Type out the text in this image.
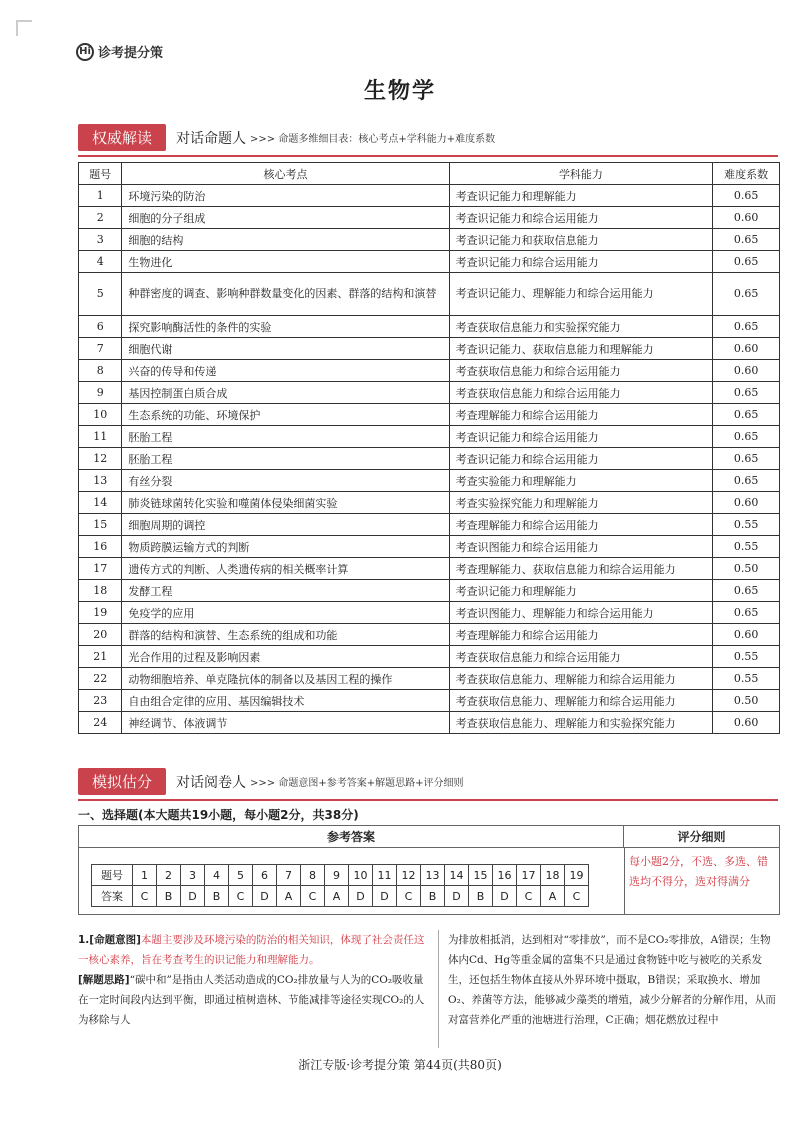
Hi 诊考提分策
生物学
权威解读	对话命题人 >>> 命题多维细目表：核心考点+学科能力+难度系数
题号	核心考点	学科能力	难度系数
1	环境污染的防治	考查识记能力和理解能力	0.65
2	细胞的分子组成	考查识记能力和综合运用能力	0.60
3	细胞的结构	考查识记能力和获取信息能力	0.65
4	生物进化	考查识记能力和综合运用能力	0.65
5	种群密度的调查、影响种群数量变化的因素、群落的结构和演替	考查识记能力、理解能力和综合运用能力	0.65
6	探究影响酶活性的条件的实验	考查获取信息能力和实验探究能力	0.65
7	细胞代谢	考查识记能力、获取信息能力和理解能力	0.60
8	兴奋的传导和传递	考查获取信息能力和综合运用能力	0.60
9	基因控制蛋白质合成	考查获取信息能力和综合运用能力	0.65
10	生态系统的功能、环境保护	考查理解能力和综合运用能力	0.65
11	胚胎工程	考查识记能力和综合运用能力	0.65
12	胚胎工程	考查识记能力和综合运用能力	0.65
13	有丝分裂	考查实验能力和理解能力	0.65
14	肺炎链球菌转化实验和噬菌体侵染细菌实验	考查实验探究能力和理解能力	0.60
15	细胞周期的调控	考查理解能力和综合运用能力	0.55
16	物质跨膜运输方式的判断	考查识图能力和综合运用能力	0.55
17	遗传方式的判断、人类遗传病的相关概率计算	考查理解能力、获取信息能力和综合运用能力	0.50
18	发酵工程	考查识记能力和理解能力	0.65
19	免疫学的应用	考查识图能力、理解能力和综合运用能力	0.65
20	群落的结构和演替、生态系统的组成和功能	考查理解能力和综合运用能力	0.60
21	光合作用的过程及影响因素	考查获取信息能力和综合运用能力	0.55
22	动物细胞培养、单克隆抗体的制备以及基因工程的操作	考查获取信息能力、理解能力和综合运用能力	0.55
23	自由组合定律的应用、基因编辑技术	考查获取信息能力、理解能力和综合运用能力	0.50
24	神经调节、体液调节	考查获取信息能力、理解能力和实验探究能力	0.60
模拟估分	对话阅卷人 >>> 命题意图+参考答案+解题思路+评分细则
一、选择题(本大题共19小题，每小题2分，共38分)
参考答案	评分细则
题号	1	2	3	4	5	6	7	8	9	10	11	12	13	14	15	16	17	18	19
答案	C	B	D	B	C	D	A	C	A	D	D	C	B	D	B	D	C	A	C
每小题2分，不选、多选、错选均不得分，选对得满分
1.[命题意图]本题主要涉及环境污染的防治的相关知识，体现了社会责任这一核心素养，旨在考查考生的识记能力和理解能力。
[解题思路]“碳中和”是指由人类活动造成的CO₂排放量与人为的CO₂吸收量在一定时间段内达到平衡，即通过植树造林、节能减排等途径实现CO₂的人为移除与人
为排放相抵消，达到相对“零排放”，而不是CO₂零排放，A错误；生物体内Cd、Hg等重金属的富集不只是通过食物链中吃与被吃的关系发生，还包括生物体直接从外界环境中摄取，B错误；采取换水、增加O₂、养菌等方法，能够减少藻类的增殖，减少分解者的分解作用，从而对富营养化严重的池塘进行治理，C正确；烟花燃放过程中
浙江专版·诊考提分策 第44页(共80页)
